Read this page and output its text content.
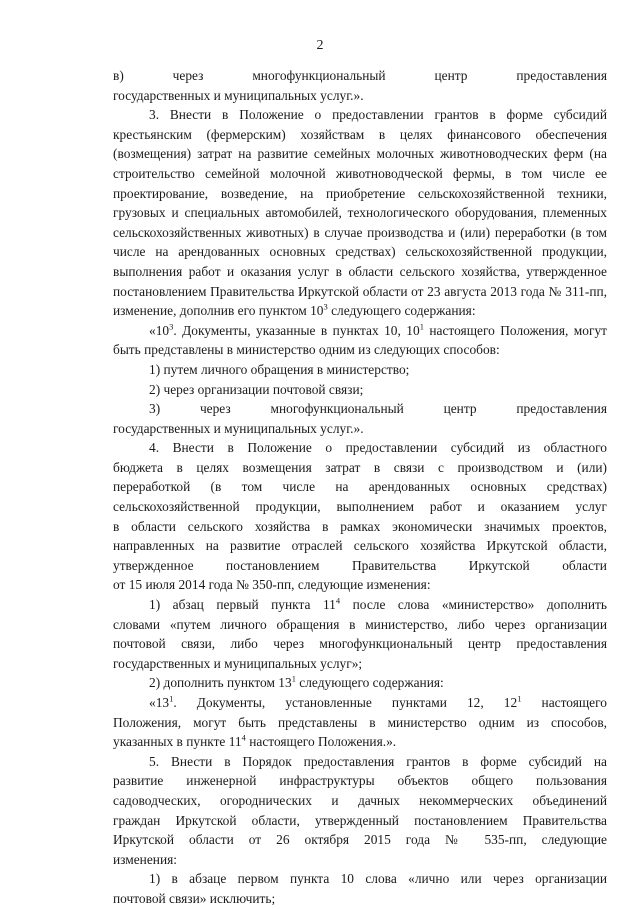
2
в)	через	многофункциональный	центр	предоставления
государственных и муниципальных услуг.».

3. Внести в Положение о предоставлении грантов в форме субсидий крестьянским (фермерским) хозяйствам в целях финансового обеспечения (возмещения) затрат на развитие семейных молочных животноводческих ферм (на строительство семейной молочной животноводческой фермы, в том числе ее проектирование, возведение, на приобретение сельскохозяйственной техники, грузовых и специальных автомобилей, технологического оборудования, племенных сельскохозяйственных животных) в случае производства и (или) переработки (в том числе на арендованных основных средствах) сельскохозяйственной продукции, выполнения работ и оказания услуг в области сельского хозяйства, утвержденное постановлением Правительства Иркутской области от 23 августа 2013 года № 311-пп, изменение, дополнив его пунктом $10^3$ следующего содержания:

«$10^3$. Документы, указанные в пунктах 10, $10^1$ настоящего Положения, могут быть представлены в министерство одним из следующих способов:

1) путем личного обращения в министерство;

2) через организации почтовой связи;

3)	через	многофункциональный	центр	предоставления
государственных и муниципальных услуг.».
4. Внести в Положение о предоставлении субсидий из областного
бюджета в целях возмещения затрат в связи с производством и (или)
переработкой (в том числе на арендованных основных средствах)
сельскохозяйственной продукции, выполнением работ и оказанием услуг
в области сельского хозяйства в рамках экономически значимых проектов,
направленных на развитие отраслей сельского хозяйства Иркутской области,
утвержденное постановлением Правительства Иркутской области
от 15 июля 2014 года № 350-пп, следующие изменения:
1) абзац первый пункта $11^4$ после слова «министерство» дополнить
словами «путем личного обращения в министерство, либо через организации
почтовой связи, либо через многофункциональный центр предоставления
государственных и муниципальных услуг»;
2) дополнить пунктом $13^1$ следующего содержания:
«$13^1$. Документы, установленные пунктами 12, $12^1$ настоящего
Положения, могут быть представлены в министерство одним из способов,
указанных в пункте $11^4$ настоящего Положения.».
5. Внести в Порядок предоставления грантов в форме субсидий на
развитие инженерной инфраструктуры объектов общего пользования
садоводческих, огороднических и дачных некоммерческих объединений
граждан Иркутской области, утвержденный постановлением Правительства
Иркутской области от 26 октября 2015 года № 535-пп, следующие
изменения:
1) в абзаце первом пункта 10 слова «лично или через организации
почтовой связи» исключить;
